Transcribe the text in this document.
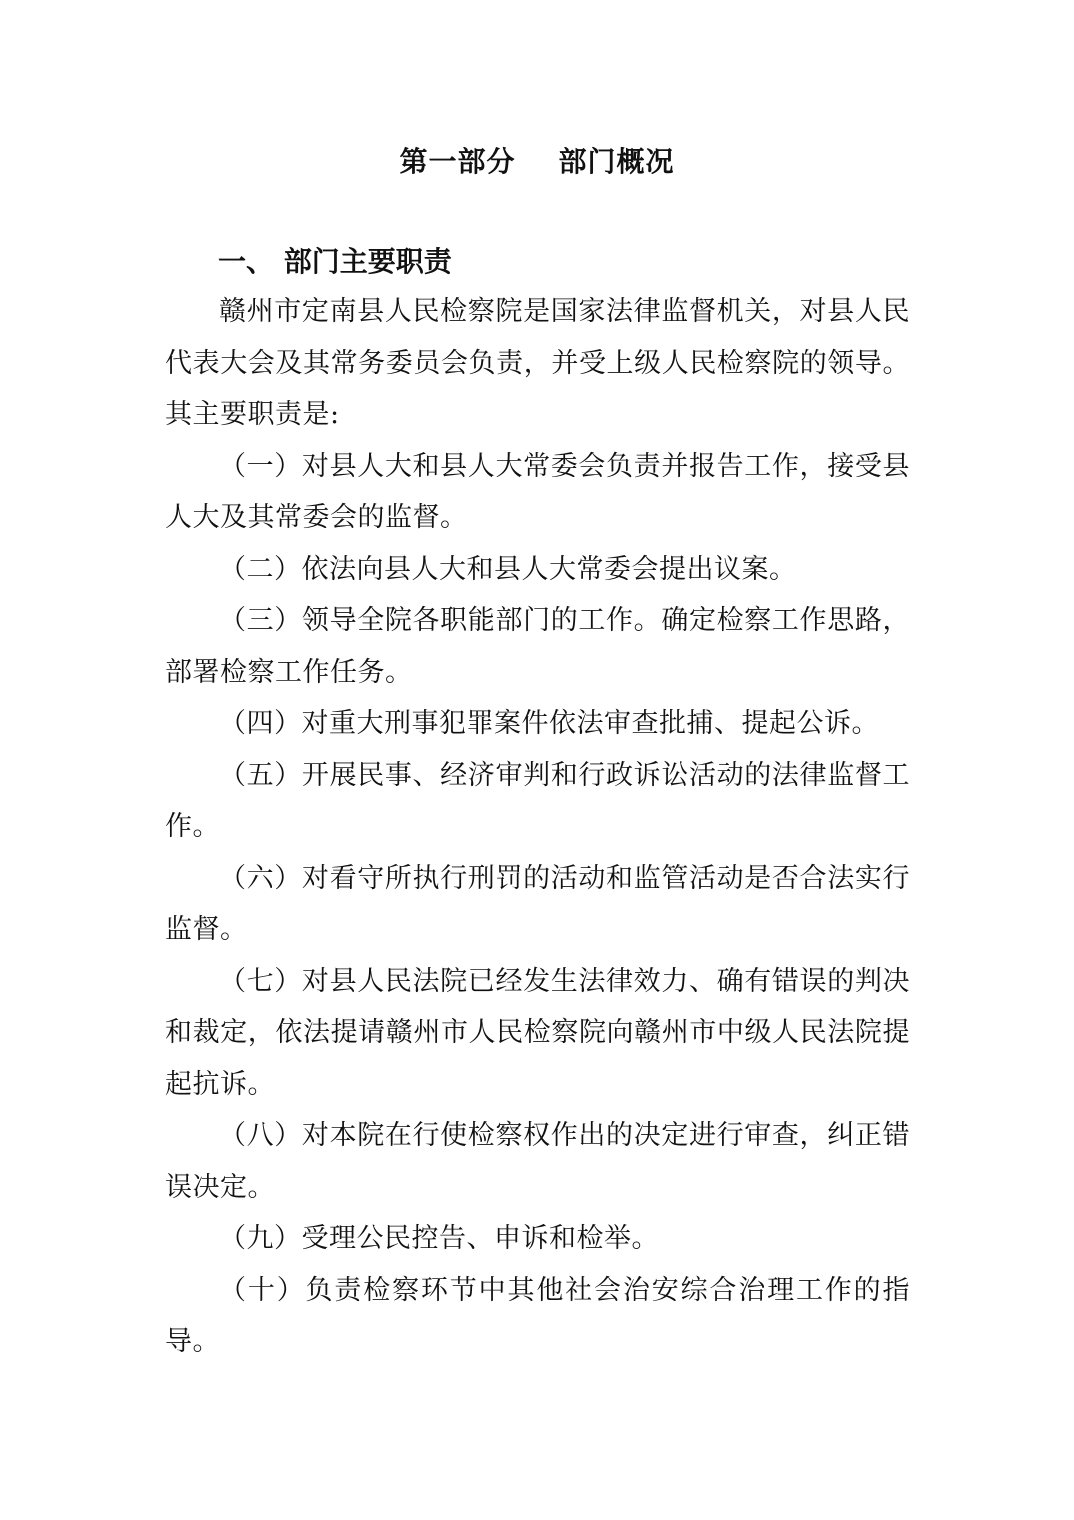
第一部分    部门概况
一、 部门主要职责

赣州市定南县人民检察院是国家法律监督机关，对县人民代表大会及其常务委员会负责，并受上级人民检察院的领导。其主要职责是:

（一）对县人大和县人大常委会负责并报告工作，接受县人大及其常委会的监督。

（二）依法向县人大和县人大常委会提出议案。

（三）领导全院各职能部门的工作。确定检察工作思路，部署检察工作任务。

（四）对重大刑事犯罪案件依法审查批捕、提起公诉。

（五）开展民事、经济审判和行政诉讼活动的法律监督工作。

（六）对看守所执行刑罚的活动和监管活动是否合法实行监督。

（七）对县人民法院已经发生法律效力、确有错误的判决和裁定，依法提请赣州市人民检察院向赣州市中级人民法院提起抗诉。

（八）对本院在行使检察权作出的决定进行审查，纠正错误决定。

（九）受理公民控告、申诉和检举。

（十）负责检察环节中其他社会治安综合治理工作的指导。
